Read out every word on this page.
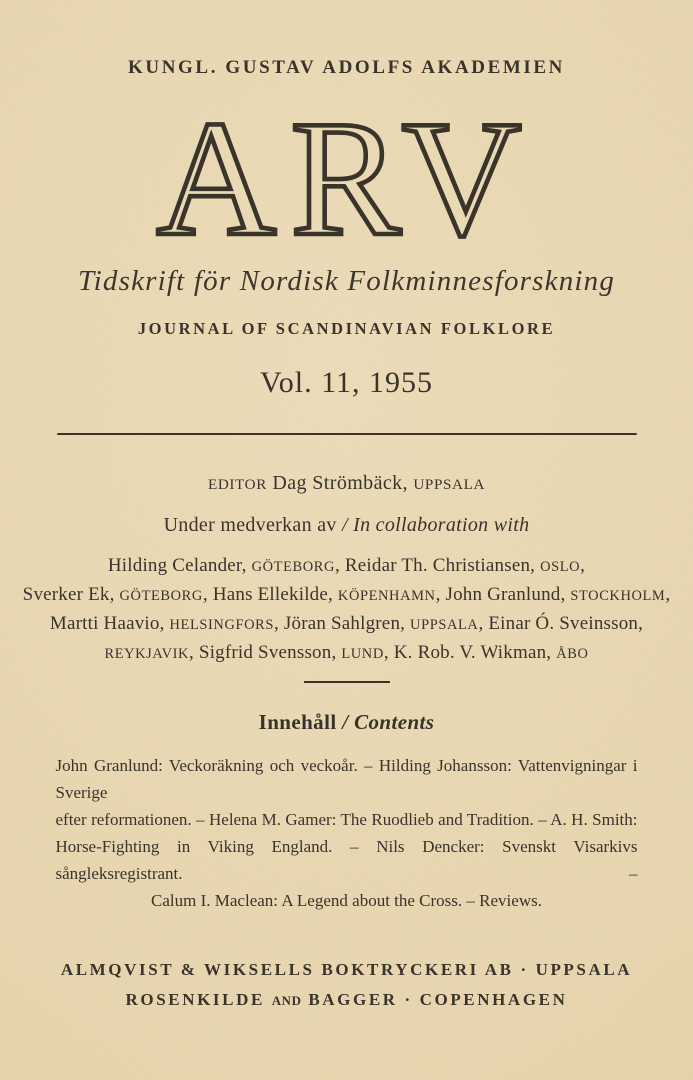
KUNGL. GUSTAV ADOLFS AKADEMIEN
ARV
Tidskrift för Nordisk Folkminnesforskning
JOURNAL OF SCANDINAVIAN FOLKLORE
Vol. 11, 1955
EDITOR Dag Strömbäck, UPPSALA
Under medverkan av / In collaboration with
Hilding Celander, GÖTEBORG, Reidar Th. Christiansen, OSLO,
Sverker Ek, GÖTEBORG, Hans Ellekilde, KÖPENHAMN, John Granlund, STOCKHOLM,
Martti Haavio, HELSINGFORS, Jöran Sahlgren, UPPSALA, Einar Ó. Sveinsson,
REYKJAVIK, Sigfrid Svensson, LUND, K. Rob. V. Wikman, ÅBO
Innehåll / Contents
John Granlund: Veckoräkning och veckoår. – Hilding Johansson: Vattenvigningar i Sverige
efter reformationen. – Helena M. Gamer: The Ruodlieb and Tradition. – A. H. Smith:
Horse-Fighting in Viking England. – Nils Dencker: Svenskt Visarkivs sångleksregistrant. –
Calum I. Maclean: A Legend about the Cross. – Reviews.
ALMQVIST & WIKSELLS BOKTRYCKERI AB · UPPSALA
ROSENKILDE AND BAGGER · COPENHAGEN
